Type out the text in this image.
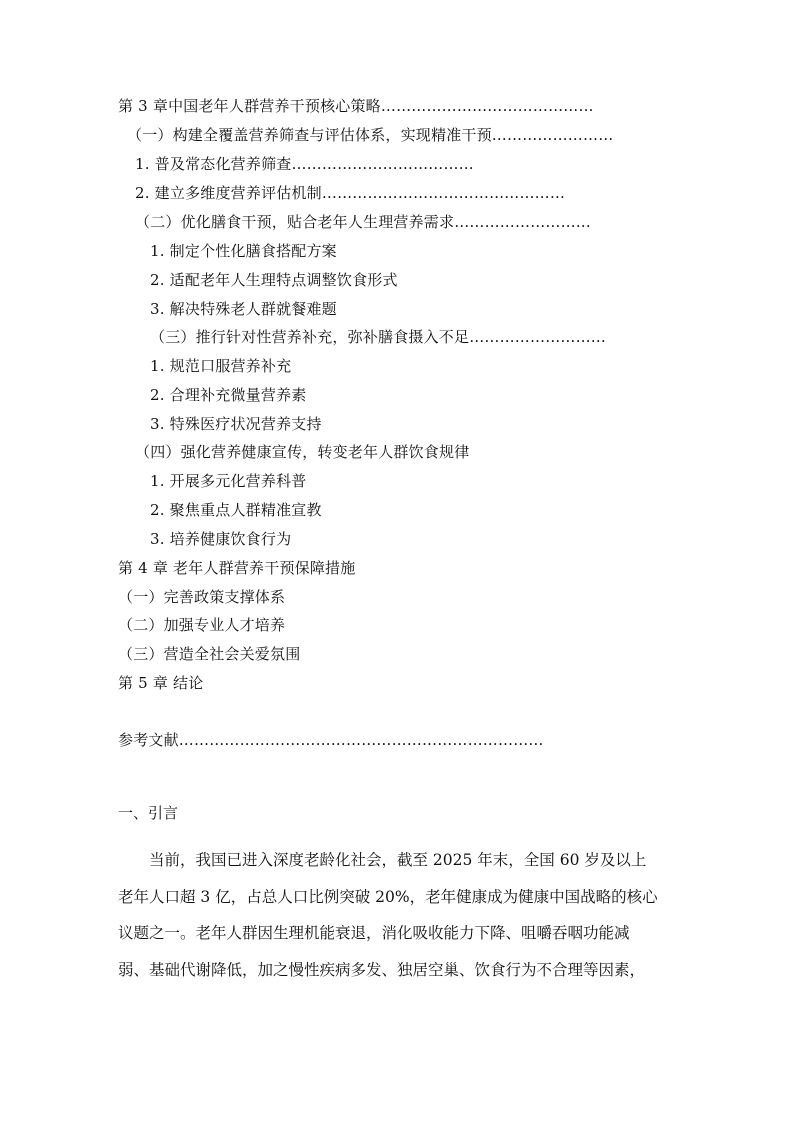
第 3 章中国老年人群营养干预核心策略……………………………………
（一）构建全覆盖营养筛查与评估体系，实现精准干预……………………
1. 普及常态化营养筛查………………………………
2. 建立多维度营养评估机制…………………………………………
（二）优化膳食干预，贴合老年人生理营养需求………………………
1. 制定个性化膳食搭配方案
2. 适配老年人生理特点调整饮食形式
3. 解决特殊老人群就餐难题
（三）推行针对性营养补充，弥补膳食摄入不足………………………
1. 规范口服营养补充
2. 合理补充微量营养素
3. 特殊医疗状况营养支持
（四）强化营养健康宣传，转变老年人群饮食规律
1. 开展多元化营养科普
2. 聚焦重点人群精准宣教
3. 培养健康饮食行为
第 4 章 老年人群营养干预保障措施
（一）完善政策支撑体系
（二）加强专业人才培养
（三）营造全社会关爱氛围
第 5 章 结论
参考文献………………………………………………………………
一、引言
当前，我国已进入深度老龄化社会，截至 2025 年末，全国 60 岁及以上
老年人口超 3 亿，占总人口比例突破 20%，老年健康成为健康中国战略的核心
议题之一。老年人群因生理机能衰退，消化吸收能力下降、咀嚼吞咽功能减
弱、基础代谢降低，加之慢性疾病多发、独居空巢、饮食行为不合理等因素，
